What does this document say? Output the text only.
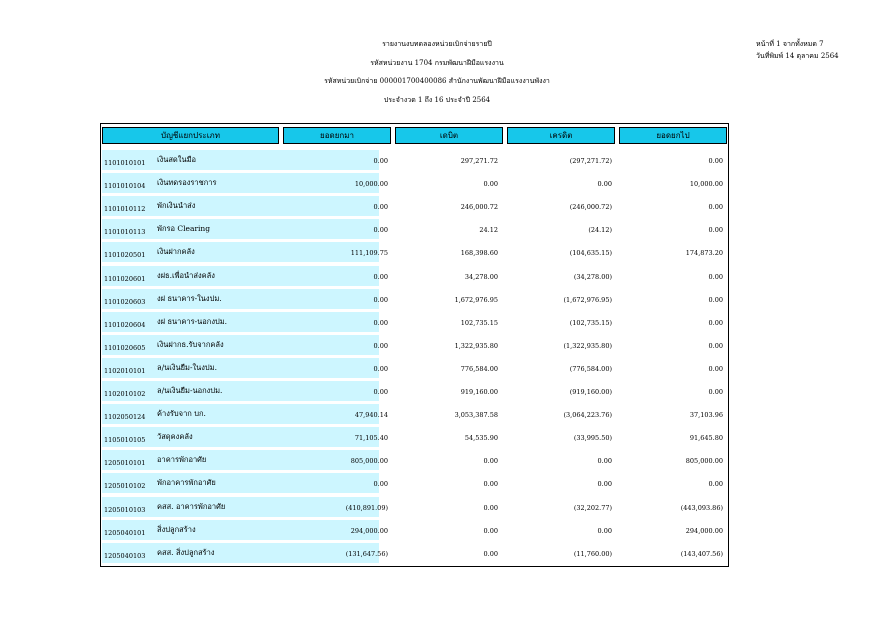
รายงานงบทดลองหน่วยเบิกจ่ายรายปี
รหัสหน่วยงาน 1704 กรมพัฒนาฝีมือแรงงาน
รหัสหน่วยเบิกจ่าย 000001700400086 สำนักงานพัฒนาฝีมือแรงงานพังงา
ประจำงวด 1 ถึง 16 ประจำปี 2564
หน้าที่ 1 จากทั้งหมด 7
วันที่พิมพ์ 14 ตุลาคม 2564
บัญชีแยกประเภท	ยอดยกมา	เดบิต	เครดิต	ยอดยกไป
1101010101 เงินสดในมือ	0.00	297,271.72	(297,271.72)	0.00
1101010104 เงินทดรองราชการ	10,000.00	0.00	0.00	10,000.00
1101010112 พักเงินนำส่ง	0.00	246,000.72	(246,000.72)	0.00
1101010113 พักรอ Clearing	0.00	24.12	(24.12)	0.00
1101020501 เงินฝากคลัง	111,109.75	168,398.60	(104,635.15)	174,873.20
1101020601 งฝธ.เพื่อนำส่งคลัง	0.00	34,278.00	(34,278.00)	0.00
1101020603 งฝ ธนาคาร-ในงปม.	0.00	1,672,976.95	(1,672,976.95)	0.00
1101020604 งฝ ธนาคาร-นอกงปม.	0.00	102,735.15	(102,735.15)	0.00
1101020605 เงินฝากธ.รับจากคลัง	0.00	1,322,935.80	(1,322,935.80)	0.00
1102010101 ล/นเงินยืม-ในงปม.	0.00	776,584.00	(776,584.00)	0.00
1102010102 ล/นเงินยืม-นอกงปม.	0.00	919,160.00	(919,160.00)	0.00
1102050124 ค้างรับจาก บก.	47,940.14	3,053,387.58	(3,064,223.76)	37,103.96
1105010105 วัสดุคงคลัง	71,105.40	54,535.90	(33,995.50)	91,645.80
1205010101 อาคารพักอาศัย	805,000.00	0.00	0.00	805,000.00
1205010102 พักอาคารพักอาศัย	0.00	0.00	0.00	0.00
1205010103 คสส. อาคารพักอาศัย	(410,891.09)	0.00	(32,202.77)	(443,093.86)
1205040101 สิ่งปลูกสร้าง	294,000.00	0.00	0.00	294,000.00
1205040103 คสส. สิ่งปลูกสร้าง	(131,647.56)	0.00	(11,760.00)	(143,407.56)
